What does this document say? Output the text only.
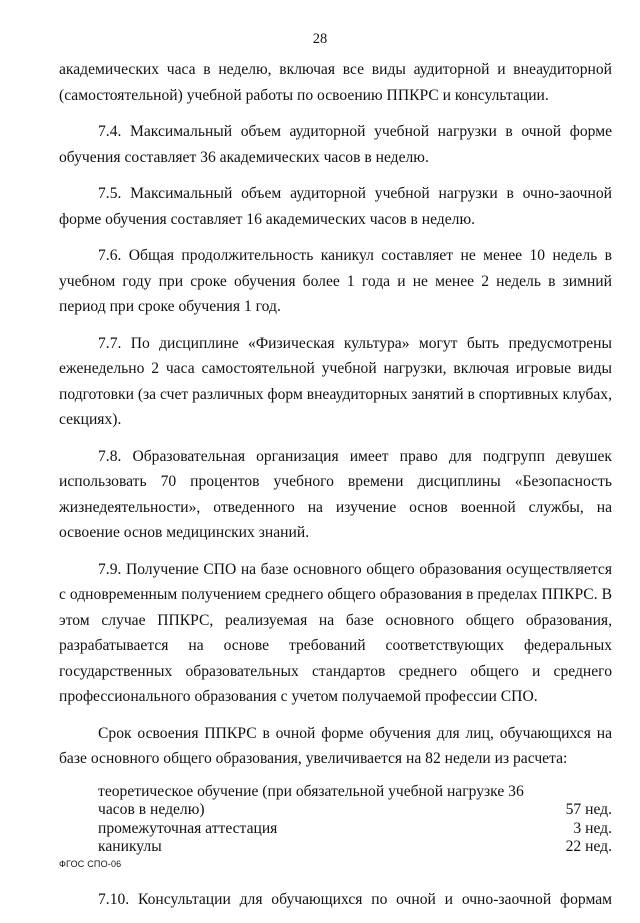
28

академических часа в неделю, включая все виды аудиторной и внеаудиторной (самостоятельной) учебной работы по освоению ППКРС и консультации.

7.4. Максимальный объем аудиторной учебной нагрузки в очной форме обучения составляет 36 академических часов в неделю.

7.5. Максимальный объем аудиторной учебной нагрузки в очно-заочной форме обучения составляет 16 академических часов в неделю.

7.6. Общая продолжительность каникул составляет не менее 10 недель в учебном году при сроке обучения более 1 года и не менее 2 недель в зимний период при сроке обучения 1 год.

7.7. По дисциплине «Физическая культура» могут быть предусмотрены еженедельно 2 часа самостоятельной учебной нагрузки, включая игровые виды подготовки (за счет различных форм внеаудиторных занятий в спортивных клубах, секциях).

7.8. Образовательная организация имеет право для подгрупп девушек использовать 70 процентов учебного времени дисциплины «Безопасность жизнедеятельности», отведенного на изучение основ военной службы, на освоение основ медицинских знаний.

7.9. Получение СПО на базе основного общего образования осуществляется с одновременным получением среднего общего образования в пределах ППКРС. В этом случае ППКРС, реализуемая на базе основного общего образования, разрабатывается на основе требований соответствующих федеральных государственных образовательных стандартов среднего общего и среднего профессионального образования с учетом получаемой профессии СПО.

Срок освоения ППКРС в очной форме обучения для лиц, обучающихся на базе основного общего образования, увеличивается на 82 недели из расчета:

теоретическое обучение (при обязательной учебной нагрузке 36 часов в неделю)	57 нед.
промежуточная аттестация	3 нед.
каникулы	22 нед.

7.10. Консультации для обучающихся по очной и очно-заочной формам

ФГОС СПО-06
